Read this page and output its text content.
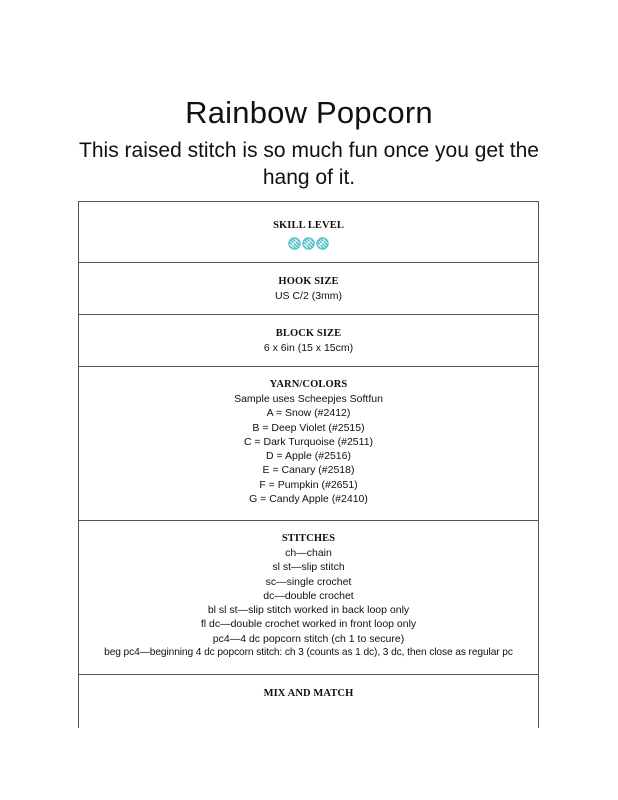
Rainbow Popcorn

This raised stitch is so much fun once you get the hang of it.

SKILL LEVEL
HOOK SIZE
US C/2 (3mm)
BLOCK SIZE
6 x 6in (15 x 15cm)
YARN/COLORS
Sample uses Scheepjes Softfun
A = Snow (#2412)
B = Deep Violet (#2515)
C = Dark Turquoise (#2511)
D = Apple (#2516)
E = Canary (#2518)
F = Pumpkin (#2651)
G = Candy Apple (#2410)
STITCHES
ch—chain
sl st—slip stitch
sc—single crochet
dc—double crochet
bl sl st—slip stitch worked in back loop only
fl dc—double crochet worked in front loop only
pc4—4 dc popcorn stitch (ch 1 to secure)
beg pc4—beginning 4 dc popcorn stitch: ch 3 (counts as 1 dc), 3 dc, then close as regular pc
MIX AND MATCH
